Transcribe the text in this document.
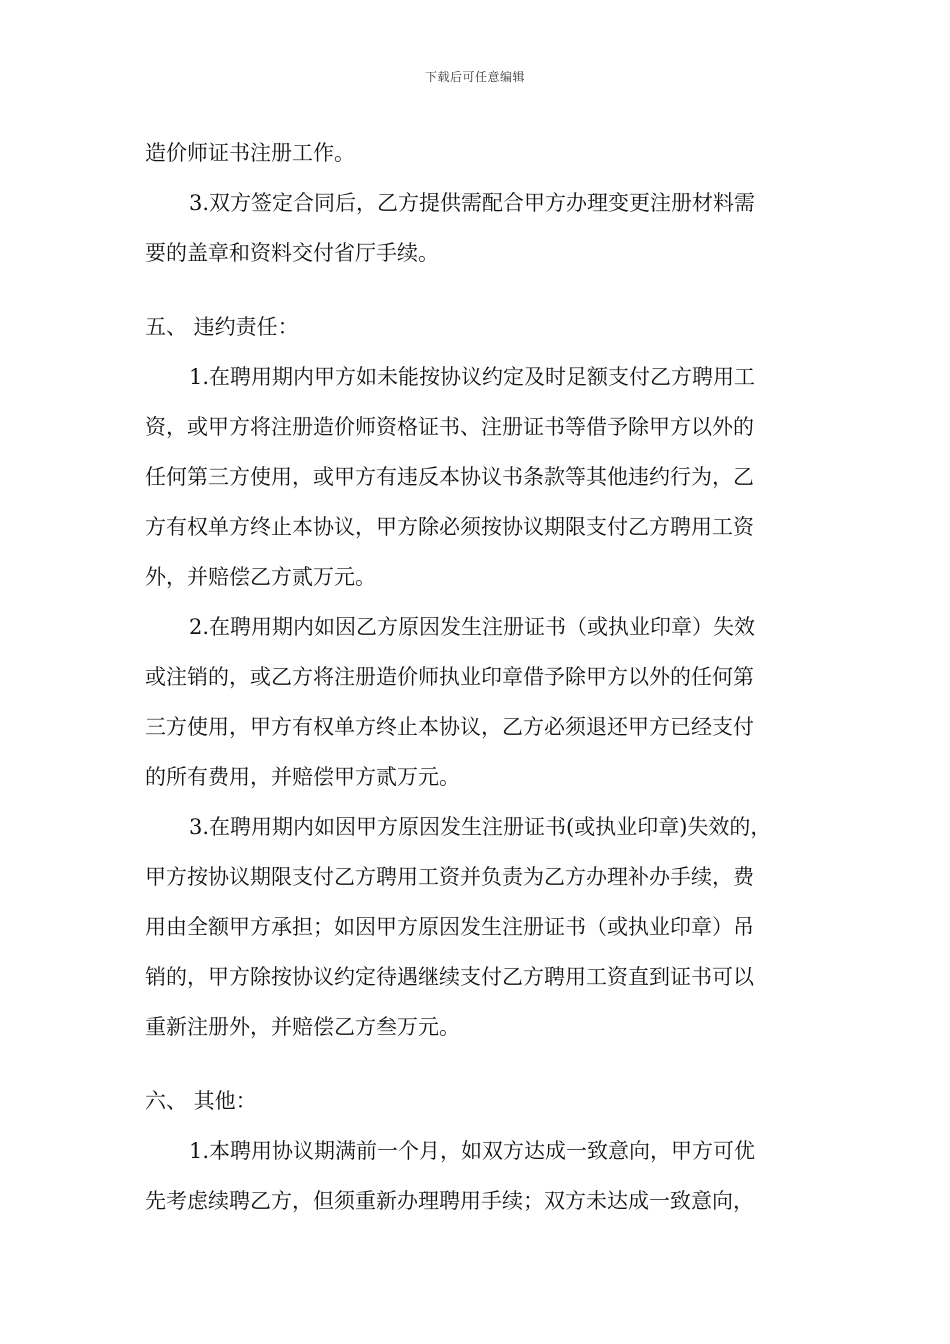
下载后可任意编辑
造价师证书注册工作。
3.双方签定合同后，乙方提供需配合甲方办理变更注册材料需
要的盖章和资料交付省厅手续。
五、 违约责任：
1.在聘用期内甲方如未能按协议约定及时足额支付乙方聘用工
资，或甲方将注册造价师资格证书、注册证书等借予除甲方以外的
任何第三方使用，或甲方有违反本协议书条款等其他违约行为，乙
方有权单方终止本协议，甲方除必须按协议期限支付乙方聘用工资
外，并赔偿乙方贰万元。
2.在聘用期内如因乙方原因发生注册证书（或执业印章）失效
或注销的，或乙方将注册造价师执业印章借予除甲方以外的任何第
三方使用，甲方有权单方终止本协议，乙方必须退还甲方已经支付
的所有费用，并赔偿甲方贰万元。
3.在聘用期内如因甲方原因发生注册证书(或执业印章)失效的，
甲方按协议期限支付乙方聘用工资并负责为乙方办理补办手续，费
用由全额甲方承担；如因甲方原因发生注册证书（或执业印章）吊
销的，甲方除按协议约定待遇继续支付乙方聘用工资直到证书可以
重新注册外，并赔偿乙方叁万元。
六、 其他：
1.本聘用协议期满前一个月，如双方达成一致意向，甲方可优
先考虑续聘乙方，但须重新办理聘用手续；双方未达成一致意向，
